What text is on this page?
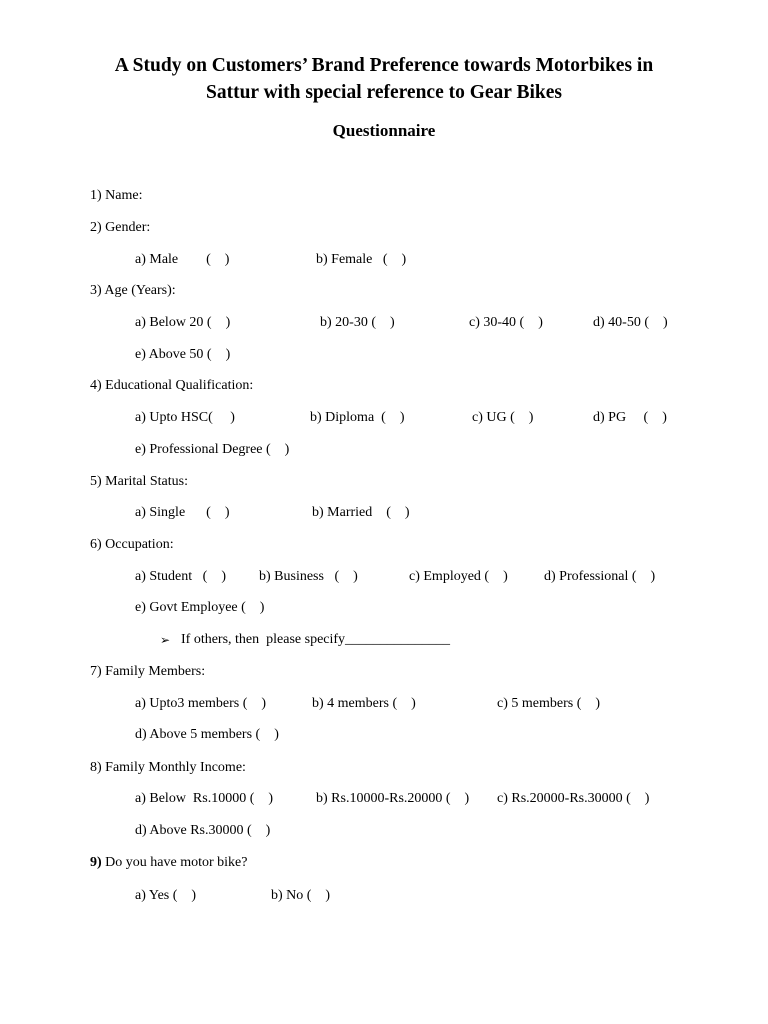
A Study on Customers’ Brand Preference towards Motorbikes in
Sattur with special reference to Gear Bikes
Questionnaire
1) Name:
2) Gender:
a) Male        (    )	b) Female   (    )
3) Age (Years):
a) Below 20 (    )	b) 20-30 (    )	c) 30-40 (    )	d) 40-50 (    )
e) Above 50 (    )
4) Educational Qualification:
a) Upto HSC(     )	b) Diploma  (    )	c) UG (    )	d) PG     (    )
e) Professional Degree (    )
5) Marital Status:
a) Single      (    )	b) Married    (    )
6) Occupation:
a) Student   (    ) b) Business   (    )	c) Employed (    )	d) Professional (    )
e) Govt Employee (    )
➢ If others, then  please specify_______________
7) Family Members:
a) Upto3 members (    )	b) 4 members (    )	c) 5 members (    )
d) Above 5 members (    )
8) Family Monthly Income:
a) Below  Rs.10000 (    )	b) Rs.10000-Rs.20000 (    ) c) Rs.20000-Rs.30000 (    )
d) Above Rs.30000 (    )
9) Do you have motor bike?
a) Yes (    )	b) No (    )
